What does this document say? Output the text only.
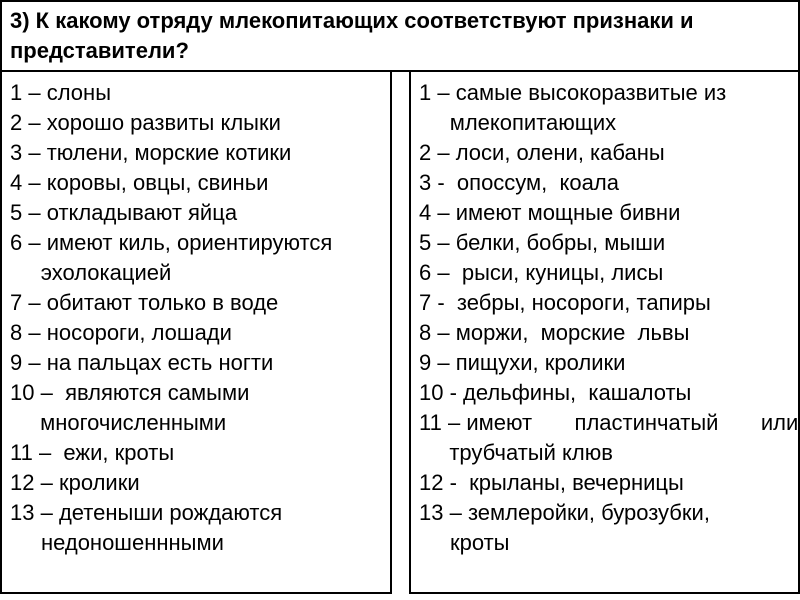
3) К какому отряду млекопитающих соответствуют признаки и
представители?
1 – слоны
2 – хорошо развиты клыки
3 – тюлени, морские котики
4 – коровы, овцы, свиньи
5 – откладывают яйца
6 – имеют киль, ориентируются
эхолокацией
7 – обитают только в воде
8 – носороги, лошади
9 – на пальцах есть ногти
10 – являются самыми
многочисленными
11 – ежи, кроты
12 – кролики
13 – детеныши рождаются
недоношеннными
1 – самые высокоразвитые из
млекопитающих
2 – лоси, олени, кабаны
3 - опоссум,  коала
4 – имеют мощные бивни
5 – белки, бобры, мыши
6 – рыси, куницы, лисы
7 - зебры, носороги, тапиры
8 – моржи,  морские  львы
9 – пищухи, кролики
10 - дельфины,  кашалоты
11 – имеют  пластинчатый  или
трубчатый клюв
12 - крыланы, вечерницы
13 – землеройки, бурозубки,
кроты
